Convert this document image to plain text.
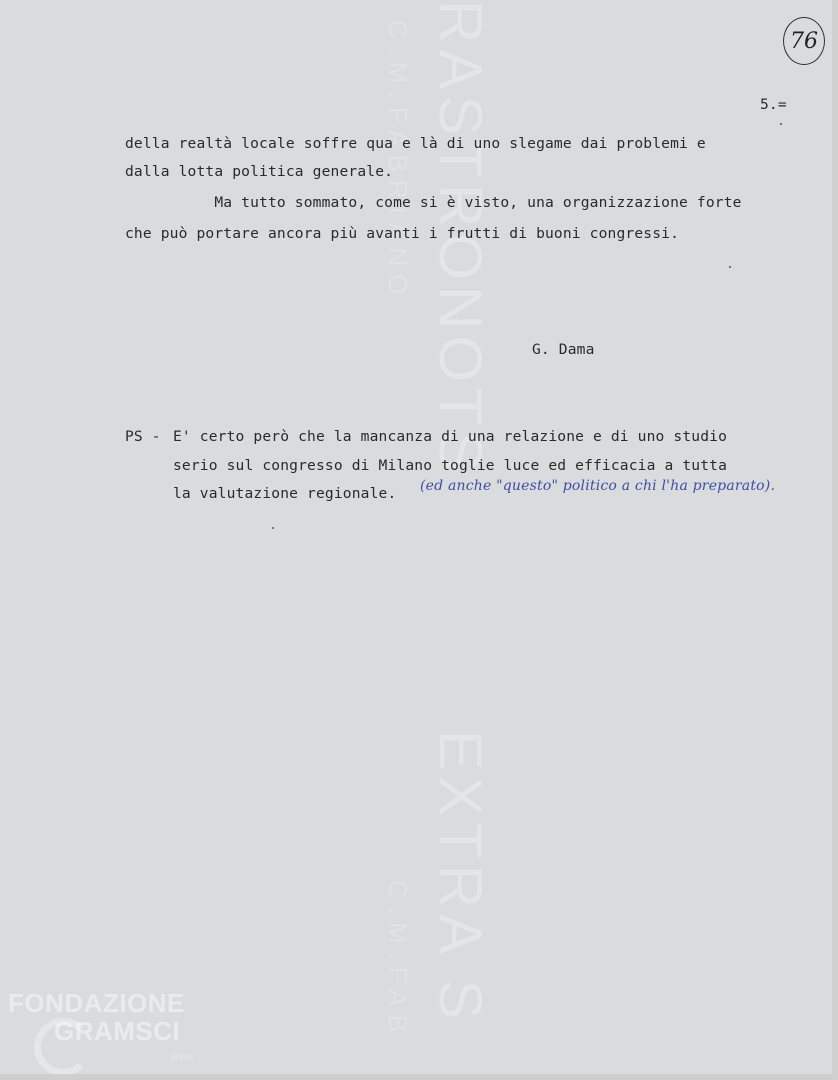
RASTRONOTS
C.M.FABRIANO
EXTRA S
C.M.FAB
76
5.=
della realtà locale soffre qua e là di uno slegame dai problemi e
dalla lotta politica generale.
Ma tutto sommato, come si è visto, una organizzazione forte
che può portare ancora più avanti i frutti di buoni congressi.
G. Dama
PS - E' certo però che la mancanza di una relazione e di uno studio
serio sul congresso di Milano toglie luce ed efficacia a tutta
la valutazione regionale. (ed anche "questo" politico a chi l'ha preparato).
FONDAZIONE
GRAMSCI
onlus
